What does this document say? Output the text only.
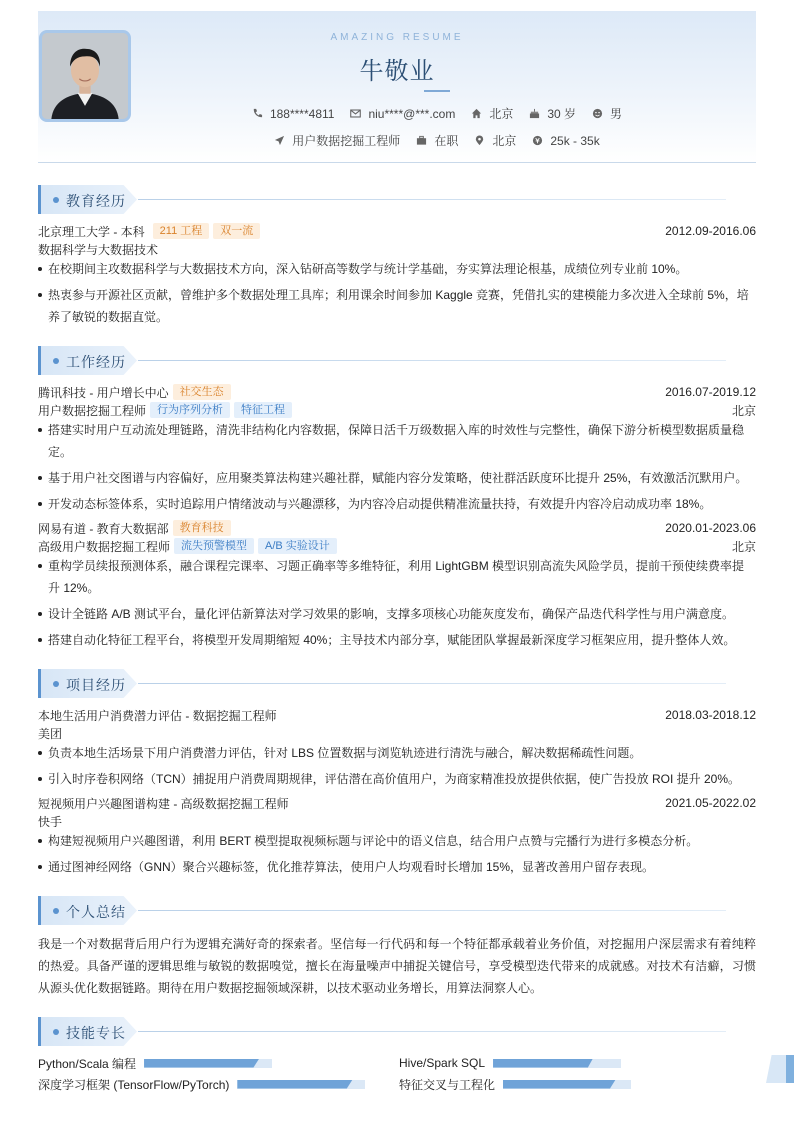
AMAZING RESUME
牛敬业
188****4811	niu****@***.com	北京	30 岁	男
用户数据挖掘工程师	在职	北京	25k - 35k
教育经历
北京理工大学 - 本科	211 工程	双一流	2012.09-2016.06
数据科学与大数据技术
在校期间主攻数据科学与大数据技术方向，深入钻研高等数学与统计学基础，夯实算法理论根基，成绩位列专业前 10%。
热衷参与开源社区贡献，曾维护多个数据处理工具库；利用课余时间参加 Kaggle 竞赛，凭借扎实的建模能力多次进入全球前 5%，培养了敏锐的数据直觉。
工作经历
腾讯科技 - 用户增长中心	社交生态	2016.07-2019.12
用户数据挖掘工程师	行为序列分析	特征工程	北京
搭建实时用户互动流处理链路，清洗非结构化内容数据，保障日活千万级数据入库的时效性与完整性，确保下游分析模型数据质量稳定。
基于用户社交图谱与内容偏好，应用聚类算法构建兴趣社群，赋能内容分发策略，使社群活跃度环比提升 25%，有效激活沉默用户。
开发动态标签体系，实时追踪用户情绪波动与兴趣漂移，为内容冷启动提供精准流量扶持，有效提升内容冷启动成功率 18%。
网易有道 - 教育大数据部	教育科技	2020.01-2023.06
高级用户数据挖掘工程师	流失预警模型	A/B 实验设计	北京
重构学员续报预测体系，融合课程完课率、习题正确率等多维特征，利用 LightGBM 模型识别高流失风险学员，提前干预使续费率提升 12%。
设计全链路 A/B 测试平台，量化评估新算法对学习效果的影响，支撑多项核心功能灰度发布，确保产品迭代科学性与用户满意度。
搭建自动化特征工程平台，将模型开发周期缩短 40%；主导技术内部分享，赋能团队掌握最新深度学习框架应用，提升整体人效。
项目经历
本地生活用户消费潜力评估 - 数据挖掘工程师	2018.03-2018.12
美团
负责本地生活场景下用户消费潜力评估，针对 LBS 位置数据与浏览轨迹进行清洗与融合，解决数据稀疏性问题。
引入时序卷积网络（TCN）捕捉用户消费周期规律，评估潜在高价值用户，为商家精准投放提供依据，使广告投放 ROI 提升 20%。
短视频用户兴趣图谱构建 - 高级数据挖掘工程师	2021.05-2022.02
快手
构建短视频用户兴趣图谱，利用 BERT 模型提取视频标题与评论中的语义信息，结合用户点赞与完播行为进行多模态分析。
通过图神经网络（GNN）聚合兴趣标签，优化推荐算法，使用户人均观看时长增加 15%，显著改善用户留存表现。
个人总结
我是一个对数据背后用户行为逻辑充满好奇的探索者。坚信每一行代码和每一个特征都承载着业务价值，对挖掘用户深层需求有着纯粹的热爱。具备严谨的逻辑思维与敏锐的数据嗅觉，擅长在海量噪声中捕捉关键信号，享受模型迭代带来的成就感。对技术有洁癖，习惯从源头优化数据链路。期待在用户数据挖掘领域深耕，以技术驱动业务增长，用算法洞察人心。
技能专长
Python/Scala 编程	Hive/Spark SQL
深度学习框架 (TensorFlow/PyTorch)	特征交叉与工程化
